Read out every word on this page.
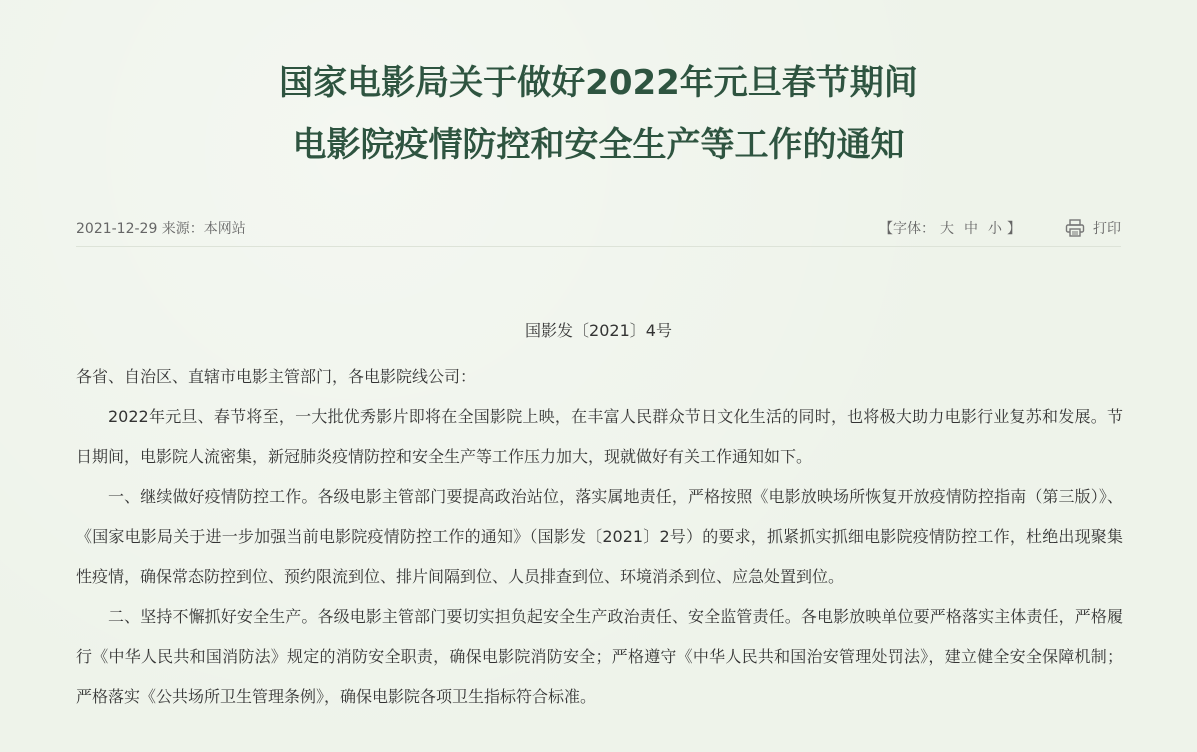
国家电影局关于做好2022年元旦春节期间
电影院疫情防控和安全生产等工作的通知
2021-12-29 来源：本网站	【字体： 大 中 小 】	打印
国影发〔2021〕4号

各省、自治区、直辖市电影主管部门，各电影院线公司：

2022年元旦、春节将至，一大批优秀影片即将在全国影院上映，在丰富人民群众节日文化生活的同时，也将极大助力电影行业复苏和发展。节日期间，电影院人流密集，新冠肺炎疫情防控和安全生产等工作压力加大，现就做好有关工作通知如下。

一、继续做好疫情防控工作。各级电影主管部门要提高政治站位，落实属地责任，严格按照《电影放映场所恢复开放疫情防控指南（第三版）》、《国家电影局关于进一步加强当前电影院疫情防控工作的通知》（国影发〔2021〕2号）的要求，抓紧抓实抓细电影院疫情防控工作，杜绝出现聚集性疫情，确保常态防控到位、预约限流到位、排片间隔到位、人员排查到位、环境消杀到位、应急处置到位。

二、坚持不懈抓好安全生产。各级电影主管部门要切实担负起安全生产政治责任、安全监管责任。各电影放映单位要严格落实主体责任，严格履行《中华人民共和国消防法》规定的消防安全职责，确保电影院消防安全；严格遵守《中华人民共和国治安管理处罚法》，建立健全安全保障机制；严格落实《公共场所卫生管理条例》，确保电影院各项卫生指标符合标准。
